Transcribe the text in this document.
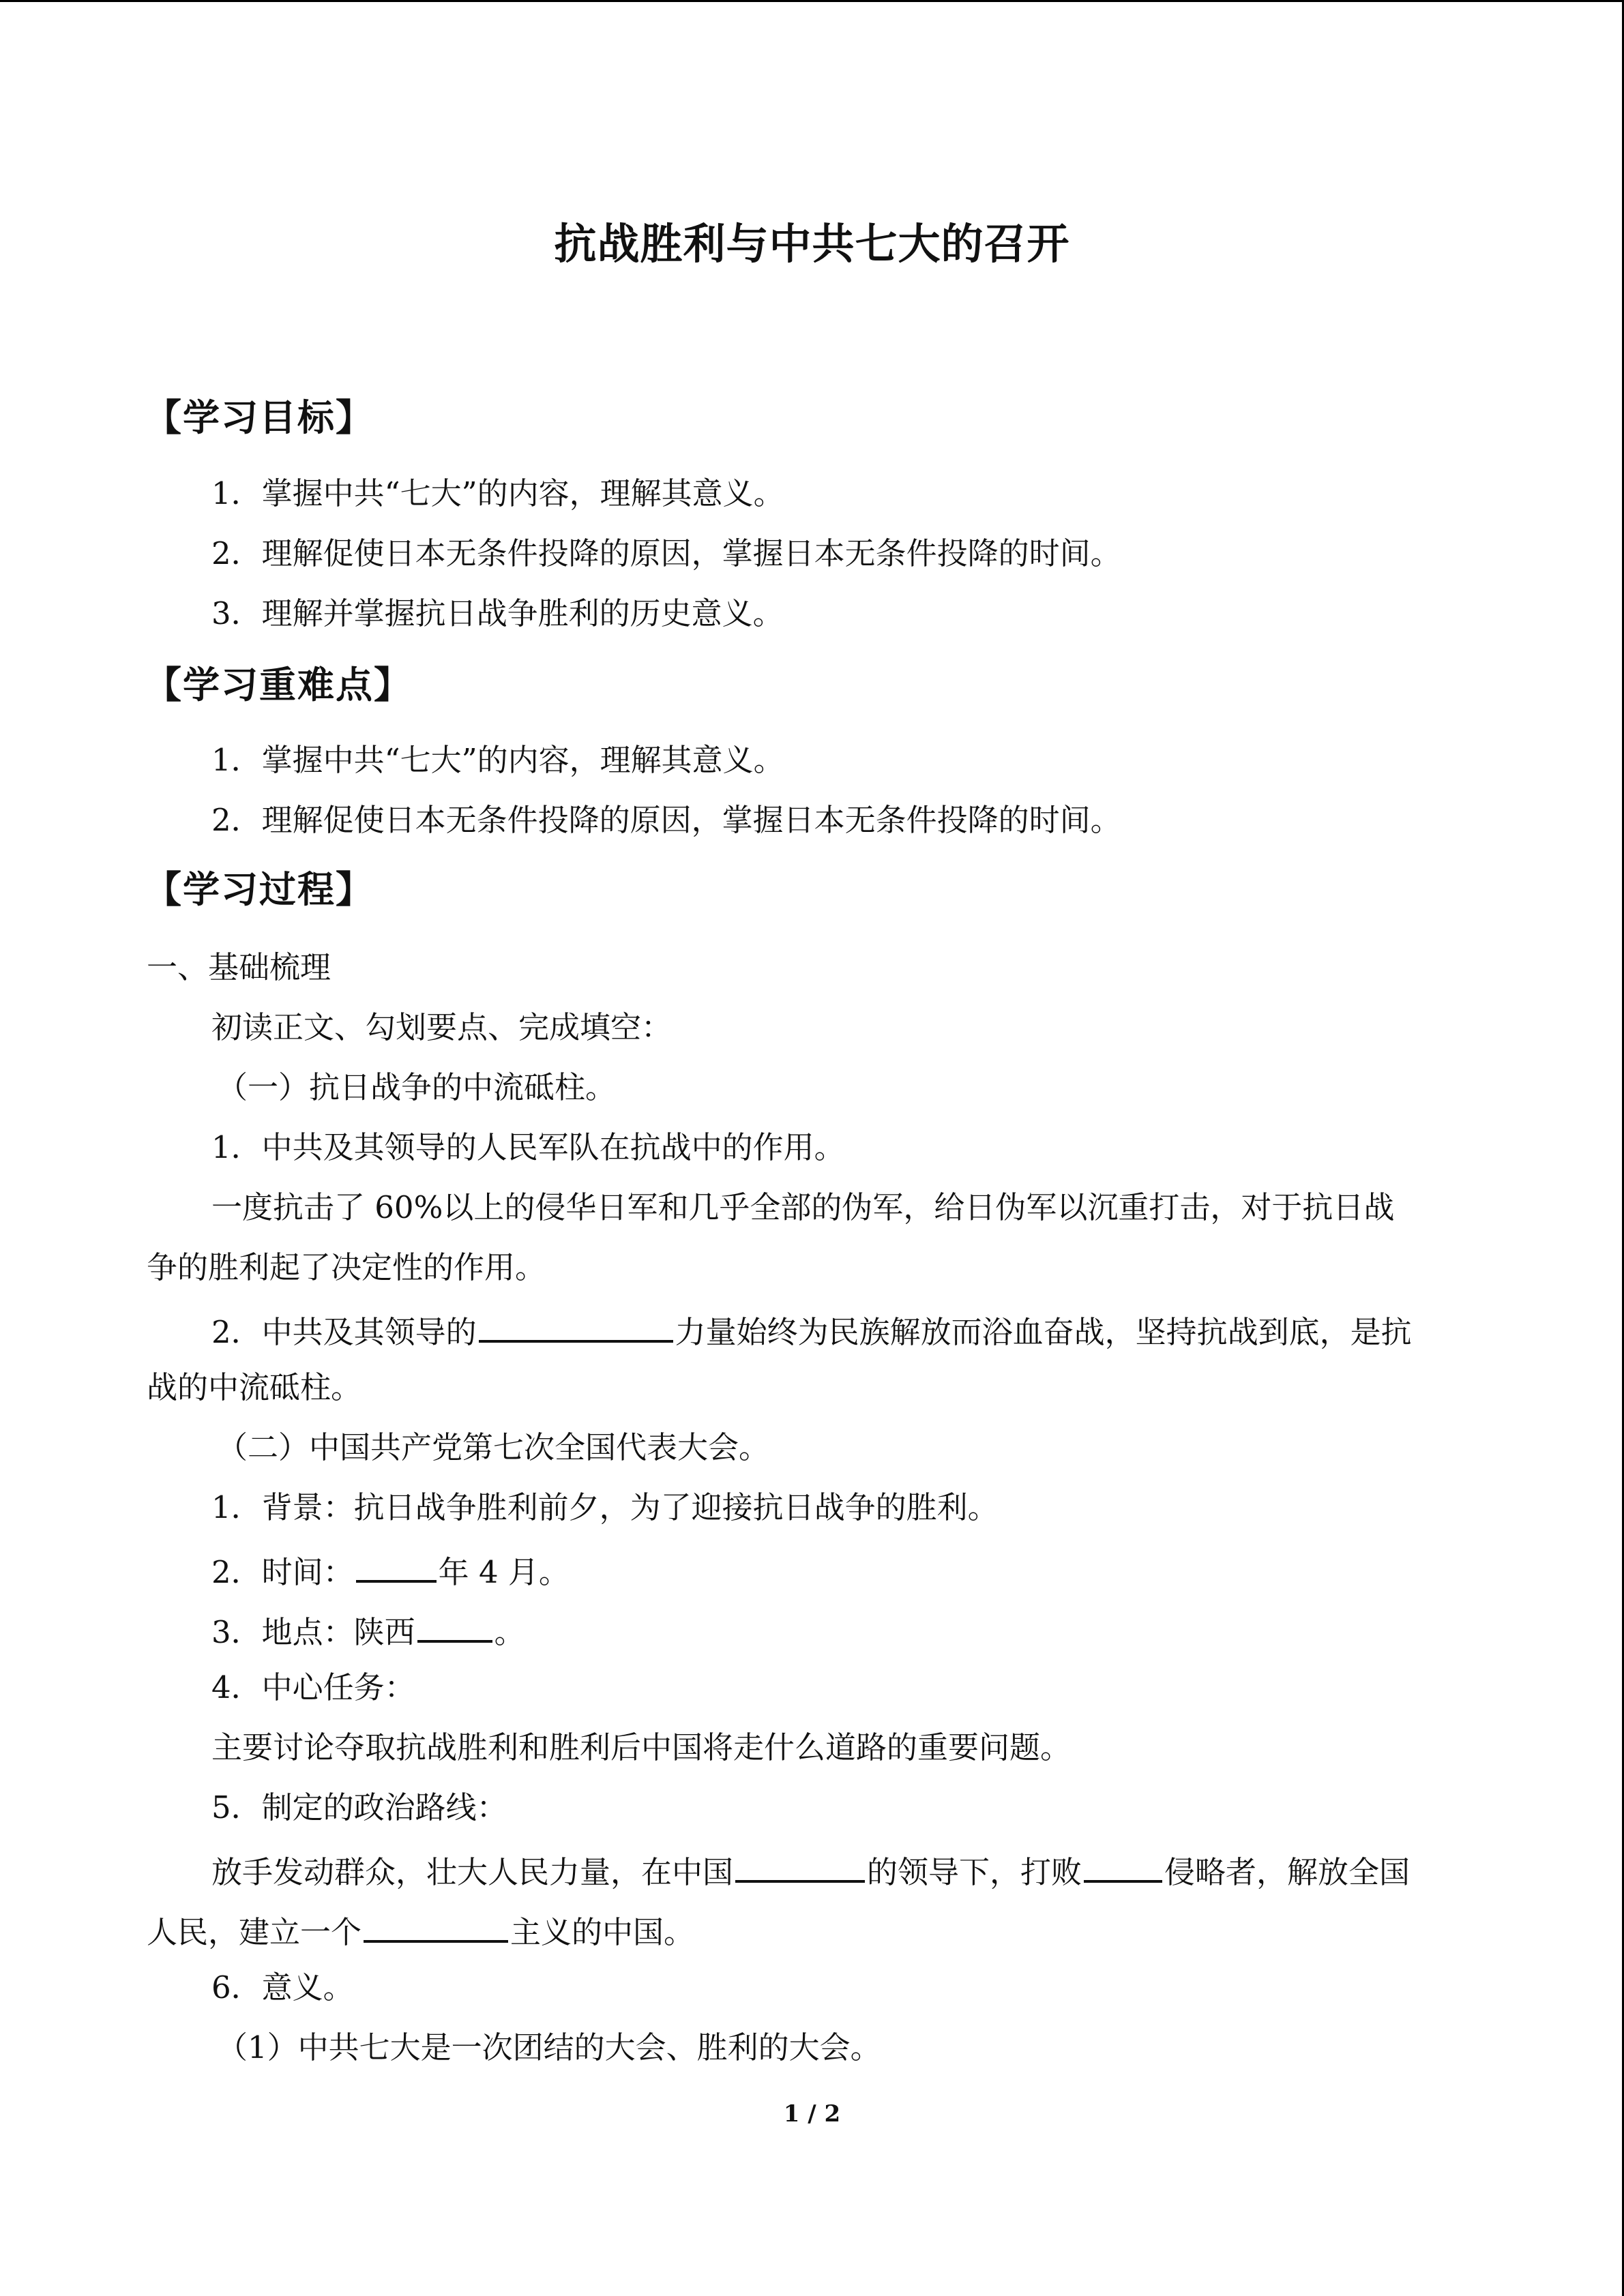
抗战胜利与中共七大的召开
【学习目标】
1．掌握中共“七大”的内容，理解其意义。
2．理解促使日本无条件投降的原因，掌握日本无条件投降的时间。
3．理解并掌握抗日战争胜利的历史意义。
【学习重难点】
1．掌握中共“七大”的内容，理解其意义。
2．理解促使日本无条件投降的原因，掌握日本无条件投降的时间。
【学习过程】
一、基础梳理
初读正文、勾划要点、完成填空：
（一）抗日战争的中流砥柱。
1．中共及其领导的人民军队在抗战中的作用。
一度抗击了 60%以上的侵华日军和几乎全部的伪军，给日伪军以沉重打击，对于抗日战
争的胜利起了决定性的作用。
2．中共及其领导的	力量始终为民族解放而浴血奋战，坚持抗战到底，是抗
战的中流砥柱。
（二）中国共产党第七次全国代表大会。
1．背景：抗日战争胜利前夕，为了迎接抗日战争的胜利。
2．时间：	年 4 月。
3．地点：陕西	。
4．中心任务：
主要讨论夺取抗战胜利和胜利后中国将走什么道路的重要问题。
5．制定的政治路线：
放手发动群众，壮大人民力量，在中国	的领导下，打败	侵略者，解放全国
人民，建立一个	主义的中国。
6．意义。
（1）中共七大是一次团结的大会、胜利的大会。
1 / 2
